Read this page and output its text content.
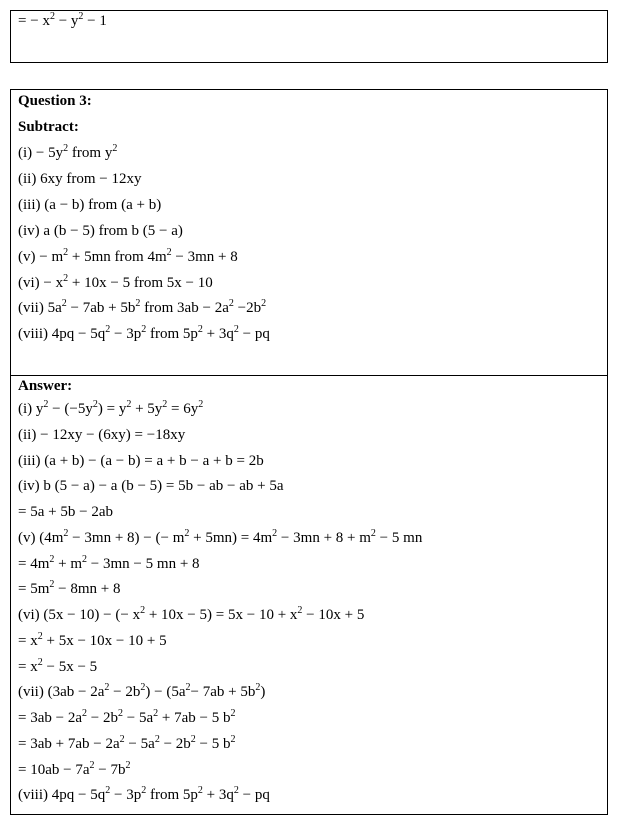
= − $x^2 - y^2 - 1$
Question 3:
Subtract:
$(i) - 5y^2$ from $y^2$
(ii) 6xy from − 12xy
(iii) (a − b) from (a + b)
(iv) a (b − 5) from b (5 − a)
$(v) - m^2 + 5mn$ from $4m^2 - 3mn + 8$
$(vi) - x^2 + 10x - 5$ from 5x − 10
(vii) $5a^2 - 7ab + 5b^2$ from $3ab - 2a^2 -2b^2$
(viii) $4pq - 5q^2 - 3p^2$ from $5p^2 + 3q^2$ − pq
Answer:
(i) $y^2 - (-5y^2) = y^2 + 5y^2 = 6y^2$
(ii) − 12xy − (6xy) = −18xy
(iii) (a + b) − (a − b) = a + b − a + b = 2b
(iv) b (5 − a) − a (b − 5) = 5b − ab − ab + 5a
= 5a + 5b − 2ab
(v) $(4m^2 - 3mn + 8)$ − (− $m^2 + 5mn) = 4m^2 - 3mn + 8 + m^2 - 5$ mn
= $4m^2 + m^2 - 3mn - 5$ mn + 8
= $5m^2 - 8mn + 8$
(vi) (5x − 10) − (− $x^2 + 10x - 5) = 5x - 10 + x^2 - 10x + 5$
= $x^2 + 5x - 10x - 10 + 5$
= $x^2 - 5x - 5$
(vii) $(3ab - 2a^2 - 2b^2) - (5a^2- 7ab + 5b^2)$
= $3ab - 2a^2 - 2b^2 - 5a^2 + 7ab - 5$ $b^2$
= $3ab + 7ab - 2a^2 - 5a^2 - 2b^2 - 5$ $b^2$
= $10ab - 7a^2 - 7b^2$
(viii) $4pq - 5q^2 - 3p^2$ from $5p^2 + 3q^2$ − pq
